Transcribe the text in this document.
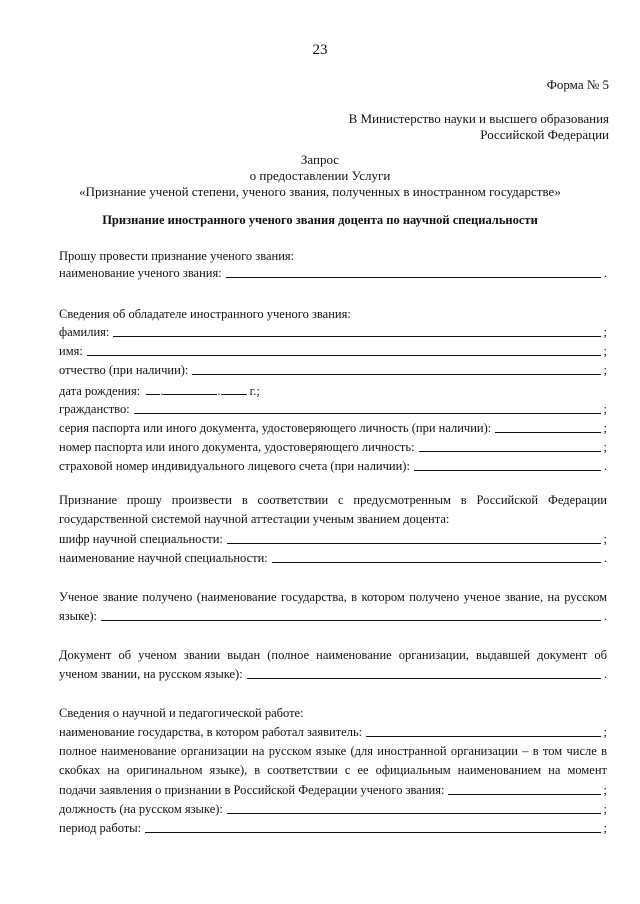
23
Форма № 5
В Министерство науки и высшего образования
Российской Федерации
Запрос
о предоставлении Услуги
«Признание ученой степени, ученого звания, полученных в иностранном государстве»
Признание иностранного ученого звания доцента по научной специальности
Прошу провести признание ученого звания:
наименование ученого звания:	.
Сведения об обладателе иностранного ученого звания:
фамилия:	;
имя:	;
отчество (при наличии):	;
дата рождения: .	. г.;
гражданство:	;
серия паспорта или иного документа, удостоверяющего личность (при наличии):	;
номер паспорта или иного документа, удостоверяющего личность:	;
страховой номер индивидуального лицевого счета (при наличии):	.
Признание прошу произвести в соответствии с предусмотренным в Российской Федерации
государственной системой научной аттестации ученым званием доцента:
шифр научной специальности:	;
наименование научной специальности:	.
Ученое звание получено (наименование государства, в котором получено ученое звание, на русском
языке):	.
Документ об ученом звании выдан (полное наименование организации, выдавшей документ об
ученом звании, на русском языке):	.
Сведения о научной и педагогической работе:
наименование государства, в котором работал заявитель:	;
полное наименование организации на русском языке (для иностранной организации – в том числе в
скобках на оригинальном языке), в соответствии с ее официальным наименованием на момент
подачи заявления о признании в Российской Федерации ученого звания:	;
должность (на русском языке):	;
период работы:	;
